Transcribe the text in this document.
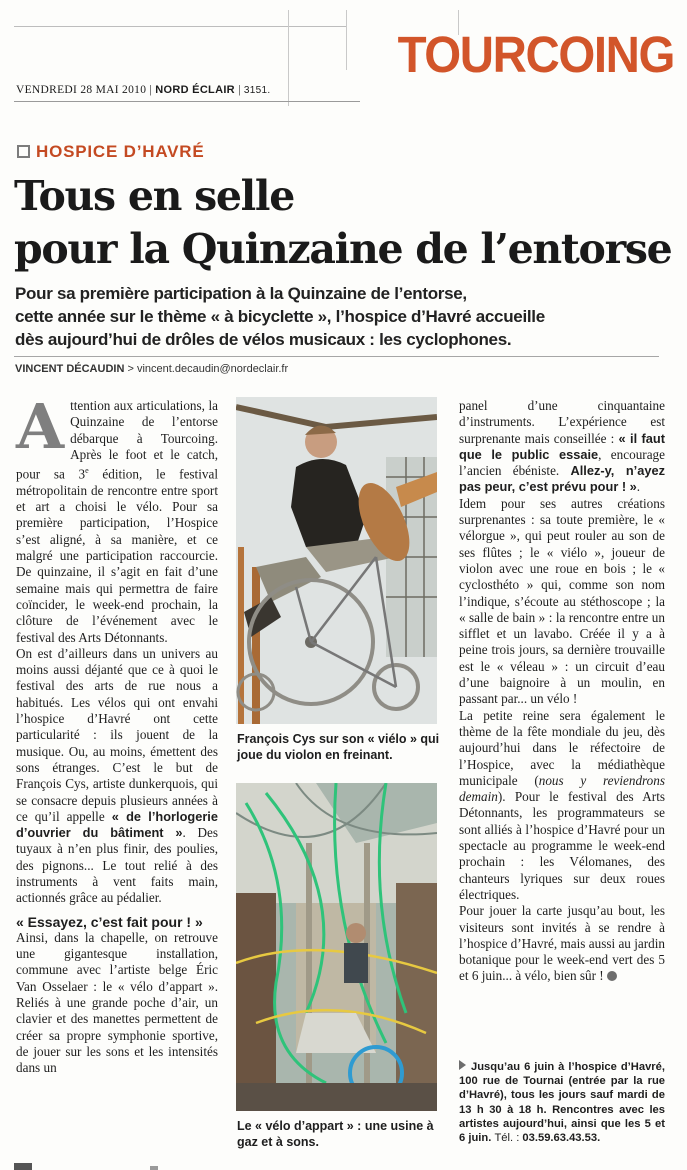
VENDREDI 28 MAI 2010 | NORD ÉCLAIR | 3151.
TOURCOING
HOSPICE D’HAVRÉ
Tous en selle
pour la Quinzaine de l’entorse
Pour sa première participation à la Quinzaine de l’entorse,
cette année sur le thème « à bicyclette », l’hospice d’Havré accueille
dès aujourd’hui de drôles de vélos musicaux : les cyclophones.
VINCENT DÉCAUDIN > vincent.decaudin@nordeclair.fr

Attention aux articulations, la Quinzaine de l’entorse débarque à Tourcoing. Après le foot et le catch, pour sa 3e édition, le festival métropolitain de rencontre entre sport et art a choisi le vélo. Pour sa première participation, l’Hospice s’est aligné, à sa manière, et ce malgré une participation raccourcie. De quinzaine, il s’agit en fait d’une semaine mais qui permettra de faire coïncider, le week-end prochain, la clôture de l’événement avec le festival des Arts Détonnants.

On est d’ailleurs dans un univers au moins aussi déjanté que ce à quoi le festival des arts de rue nous a habitués. Les vélos qui ont envahi l’hospice d’Havré ont cette particularité : ils jouent de la musique. Ou, au moins, émettent des sons étranges. C’est le but de François Cys, artiste dunkerquois, qui se consacre depuis plusieurs années à ce qu’il appelle « de l’horlogerie d’ouvrier du bâtiment ». Des tuyaux à n’en plus finir, des poulies, des pignons... Le tout relié à des instruments à vent faits main, actionnés grâce au pédalier.

« Essayez, c’est fait pour ! »

Ainsi, dans la chapelle, on retrouve une gigantesque installation, commune avec l’artiste belge Éric Van Osselaer : le « vélo d’appart ». Reliés à une grande poche d’air, un clavier et des manettes permettent de créer sa propre symphonie sportive, de jouer sur les sons et les intensités dans un

François Cys sur son « viélo » qui joue du violon en freinant.
Le « vélo d’appart » : une usine à gaz et à sons.

panel d’une cinquantaine d’instruments. L’expérience est surprenante mais conseillée : « il faut que le public essaie, encourage l’ancien ébéniste. Allez-y, n’ayez pas peur, c’est prévu pour ! ».

Idem pour ses autres créations surprenantes : sa toute première, le « vélorgue », qui peut rouler au son de ses flûtes ; le « viélo », joueur de violon avec une roue en bois ; le « cyclosthéto » qui, comme son nom l’indique, s’écoute au stéthoscope ; la « salle de bain » : la rencontre entre un sifflet et un lavabo. Créée il y a à peine trois jours, sa dernière trouvaille est le « véleau » : un circuit d’eau d’une baignoire à un moulin, en passant par... un vélo !

La petite reine sera également le thème de la fête mondiale du jeu, dès aujourd’hui dans le réfectoire de l’Hospice, avec la médiathèque municipale (nous y reviendrons demain). Pour le festival des Arts Détonnants, les programmateurs se sont alliés à l’hospice d’Havré pour un spectacle au programme le week-end prochain : les Vélomanes, des chanteurs lyriques sur deux roues électriques.

Pour jouer la carte jusqu’au bout, les visiteurs sont invités à se rendre à l’hospice d’Havré, mais aussi au jardin botanique pour le week-end vert des 5 et 6 juin... à vélo, bien sûr !

Jusqu’au 6 juin à l’hospice d’Havré, 100 rue de Tournai (entrée par la rue d’Havré), tous les jours sauf mardi de 13 h 30 à 18 h. Rencontres avec les artistes aujourd’hui, ainsi que les 5 et 6 juin. Tél. : 03.59.63.43.53.
